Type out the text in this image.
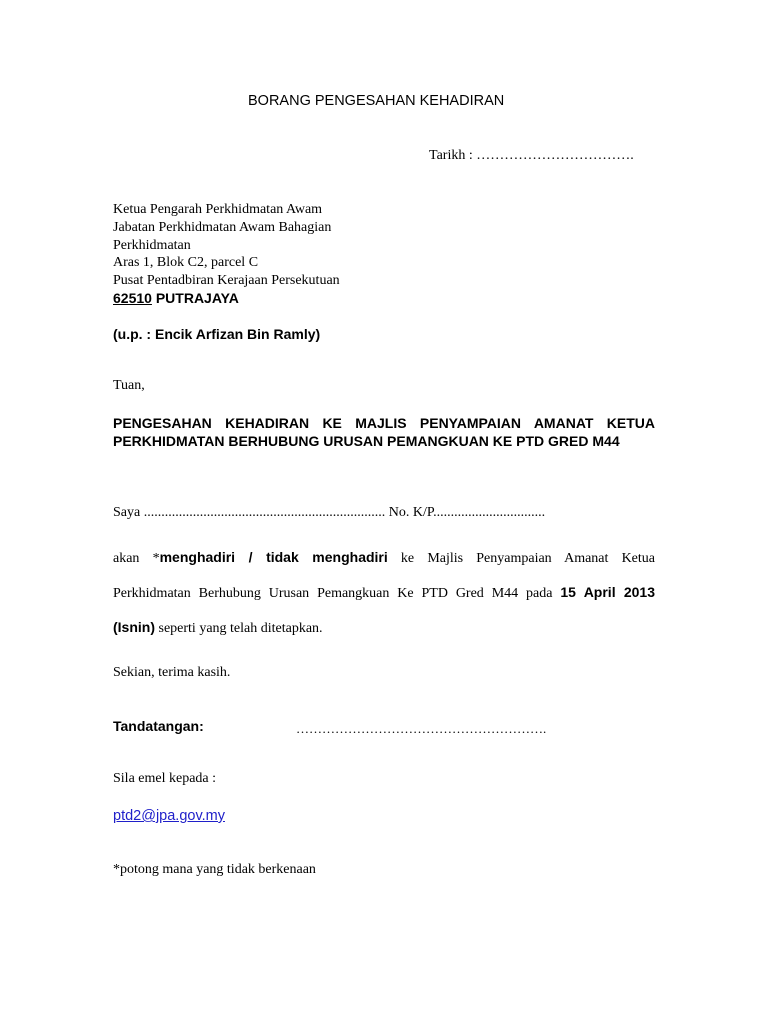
BORANG PENGESAHAN KEHADIRAN
Tarikh : …………………………….
Ketua Pengarah Perkhidmatan Awam
Jabatan Perkhidmatan Awam Bahagian
Perkhidmatan
Aras 1, Blok C2, parcel C
Pusat Pentadbiran Kerajaan Persekutuan
62510 PUTRAJAYA
(u.p. : Encik Arfizan Bin Ramly)
Tuan,
PENGESAHAN KEHADIRAN KE MAJLIS PENYAMPAIAN AMANAT KETUA PERKHIDMATAN BERHUBUNG URUSAN PEMANGKUAN KE PTD GRED M44
Saya ..................................................................... No. K/P................................
akan *menghadiri / tidak menghadiri ke Majlis Penyampaian Amanat Ketua
Perkhidmatan Berhubung Urusan Pemangkuan Ke PTD Gred M44 pada 15 April 2013
(Isnin) seperti yang telah ditetapkan.
Sekian, terima kasih.
Tandatangan:	………………………………………………….
Sila emel kepada :
ptd2@jpa.gov.my
*potong mana yang tidak berkenaan
